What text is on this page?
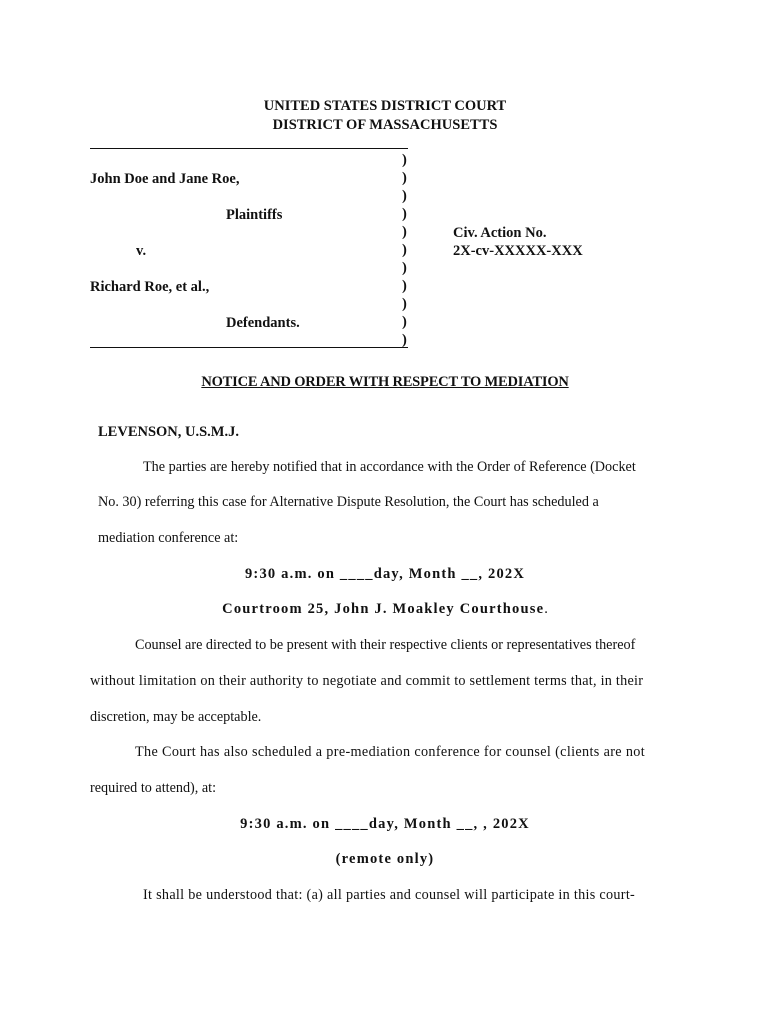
UNITED STATES DISTRICT COURT
DISTRICT OF MASSACHUSETTS
John Doe and Jane Roe,
Plaintiffs
v.
Richard Roe, et al.,
Defendants.
)
)
)
)
)
)
)
)
)
)
)
Civ. Action No.
2X-cv-XXXXX-XXX
NOTICE AND ORDER WITH RESPECT TO MEDIATION
LEVENSON, U.S.M.J.
The parties are hereby notified that in accordance with the Order of Reference (Docket
No. 30) referring this case for Alternative Dispute Resolution, the Court has scheduled a
mediation conference at:
9:30 a.m. on ____day, Month __, 202X
Courtroom 25, John J. Moakley Courthouse.
Counsel are directed to be present with their respective clients or representatives thereof
without limitation on their authority to negotiate and commit to settlement terms that, in their
discretion, may be acceptable.
The Court has also scheduled a pre-mediation conference for counsel (clients are not
required to attend), at:
9:30 a.m. on ____day, Month __, , 202X
(remote only)
It shall be understood that: (a) all parties and counsel will participate in this court-
